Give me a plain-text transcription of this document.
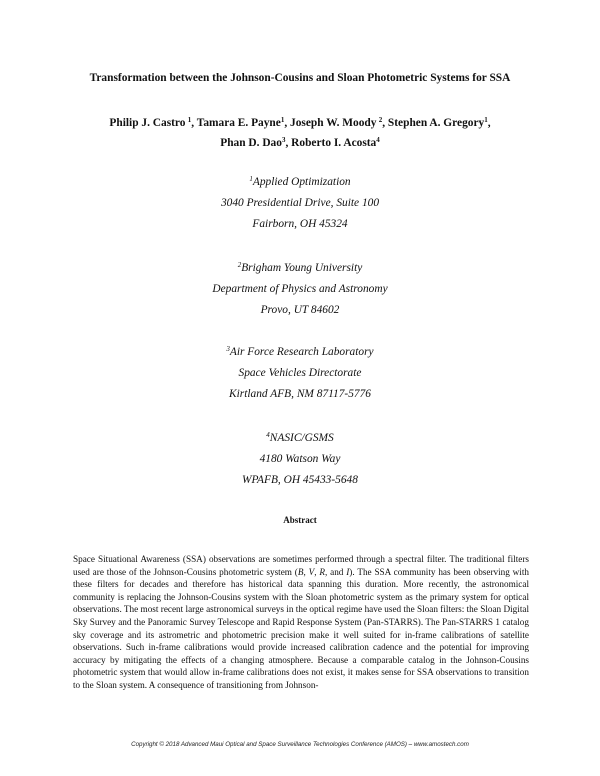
Transformation between the Johnson-Cousins and Sloan Photometric Systems for SSA
Philip J. Castro  $^1$, Tamara E. Payne$^1$, Joseph W. Moody  $^2$, Stephen A. Gregory$^1$,
Phan D. Dao$^3$, Roberto I. Acosta$^4$
$^1$Applied Optimization
3040 Presidential Drive, Suite 100
Fairborn, OH 45324
$^2$Brigham Young University
Department of Physics and Astronomy
Provo, UT 84602
$^3$Air Force Research Laboratory
Space Vehicles Directorate
Kirtland AFB, NM 87117-5776
$^4$NASIC/GSMS
4180 Watson Way
WPAFB, OH 45433-5648
Abstract

Space Situational Awareness (SSA) observations are sometimes performed through a spectral filter. The traditional filters used are those of the Johnson-Cousins photometric system (B, V, R, and I). The SSA community has been observing with these filters for decades and therefore has historical data spanning this duration. More recently, the astronomical community is replacing the Johnson-Cousins system with the Sloan photometric system as the primary system for optical observations. The most recent large astronomical surveys in the optical regime have used the Sloan filters: the Sloan Digital Sky Survey and the Panoramic Survey Telescope and Rapid Response System (Pan-STARRS). The Pan-STARRS 1 catalog sky coverage and its astrometric and photometric precision make it well suited for in-frame calibrations of satellite observations. Such in-frame calibrations would provide increased calibration cadence and the potential for improving accuracy by mitigating the effects of a changing atmosphere. Because a comparable catalog in the Johnson-Cousins photometric system that would allow in-frame calibrations does not exist, it makes sense for SSA observations to transition to the Sloan system. A consequence of transitioning from Johnson-

Copyright © 2018 Advanced Maui Optical and Space Surveillance Technologies Conference (AMOS) – www.amostech.com
